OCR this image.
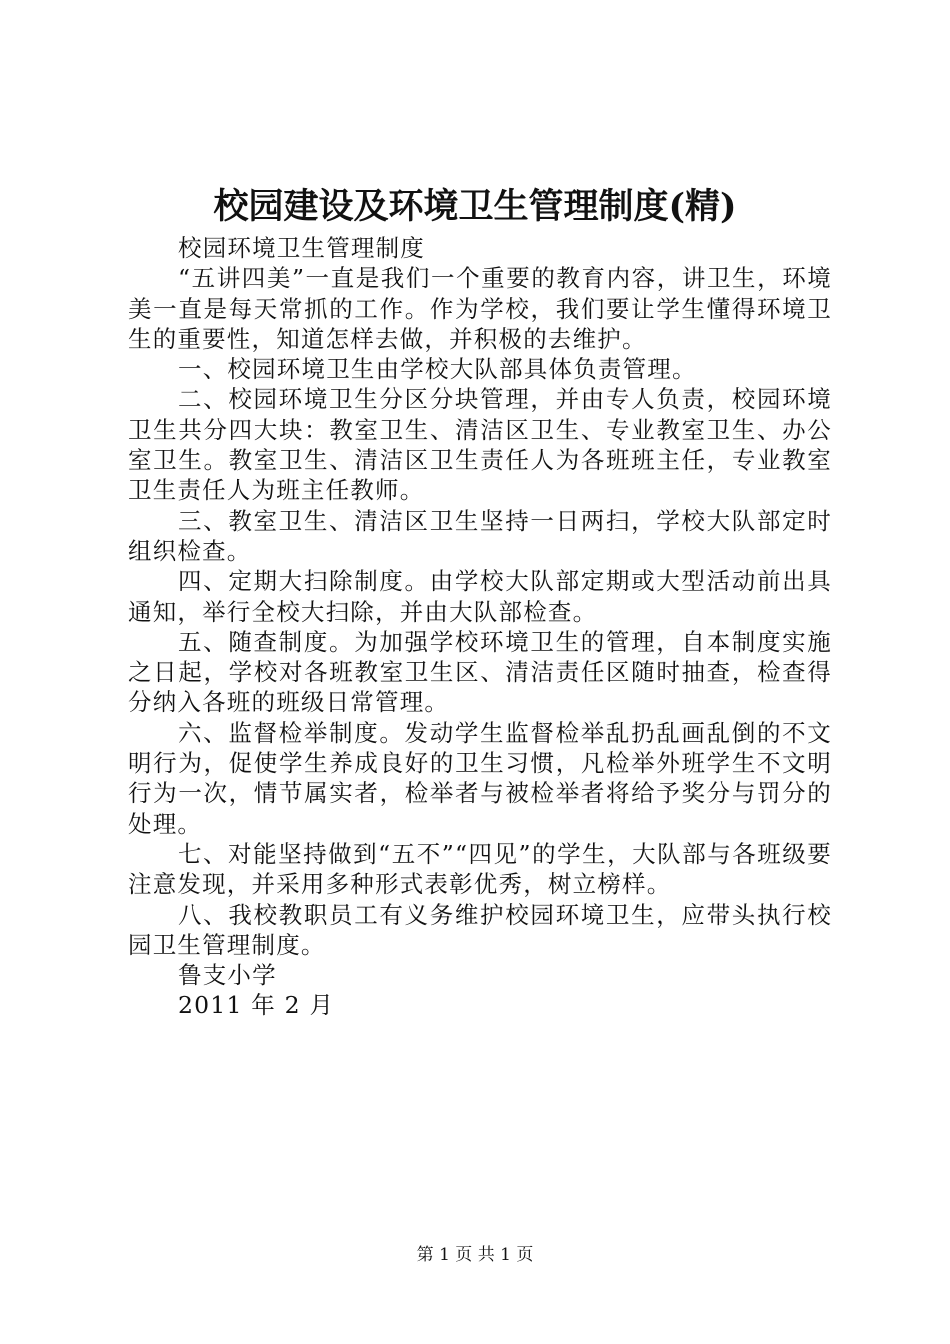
校园建设及环境卫生管理制度(精)

校园环境卫生管理制度

“五讲四美”一直是我们一个重要的教育内容，讲卫生，环境美一直是每天常抓的工作。作为学校，我们要让学生懂得环境卫生的重要性，知道怎样去做，并积极的去维护。

一、校园环境卫生由学校大队部具体负责管理。

二、校园环境卫生分区分块管理，并由专人负责，校园环境卫生共分四大块：教室卫生、清洁区卫生、专业教室卫生、办公室卫生。教室卫生、清洁区卫生责任人为各班班主任，专业教室卫生责任人为班主任教师。

三、教室卫生、清洁区卫生坚持一日两扫，学校大队部定时组织检查。

四、定期大扫除制度。由学校大队部定期或大型活动前出具通知，举行全校大扫除，并由大队部检查。

五、随查制度。为加强学校环境卫生的管理，自本制度实施之日起，学校对各班教室卫生区、清洁责任区随时抽查，检查得分纳入各班的班级日常管理。

六、监督检举制度。发动学生监督检举乱扔乱画乱倒的不文明行为，促使学生养成良好的卫生习惯，凡检举外班学生不文明行为一次，情节属实者，检举者与被检举者将给予奖分与罚分的处理。

七、对能坚持做到“五不”“四见”的学生，大队部与各班级要注意发现，并采用多种形式表彰优秀，树立榜样。

八、我校教职员工有义务维护校园环境卫生，应带头执行校园卫生管理制度。

鲁支小学

2011 年 2 月

第 1 页 共 1 页
